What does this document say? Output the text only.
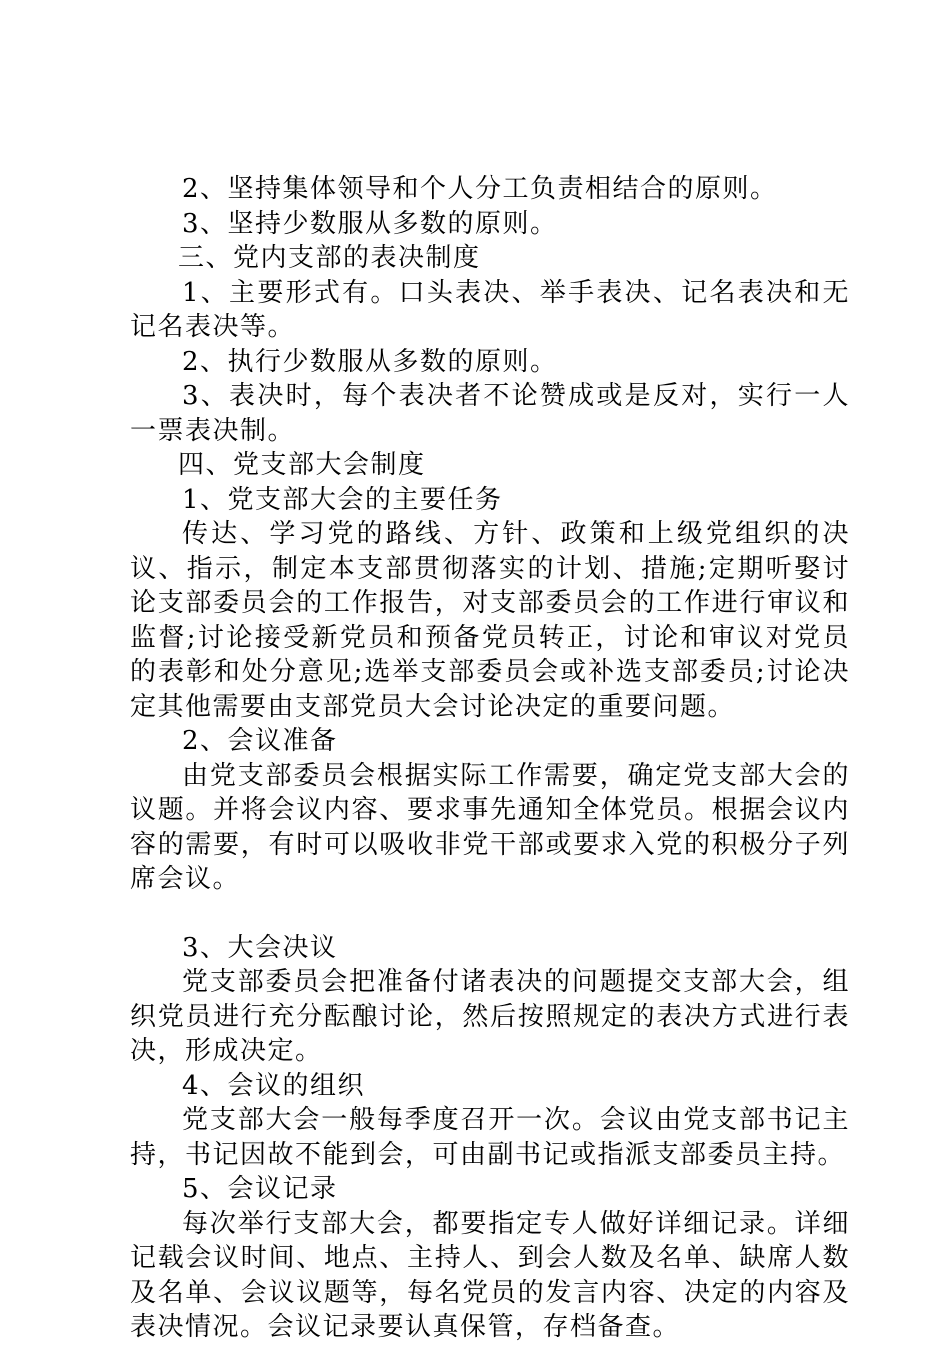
2、坚持集体领导和个人分工负责相结合的原则。

3、坚持少数服从多数的原则。

三、党内支部的表决制度

1、主要形式有。口头表决、举手表决、记名表决和无记名表决等。

2、执行少数服从多数的原则。

3、表决时，每个表决者不论赞成或是反对，实行一人一票表决制。

四、党支部大会制度

1、党支部大会的主要任务

传达、学习党的路线、方针、政策和上级党组织的决议、指示，制定本支部贯彻落实的计划、措施;定期听娶讨论支部委员会的工作报告，对支部委员会的工作进行审议和监督;讨论接受新党员和预备党员转正，讨论和审议对党员的表彰和处分意见;选举支部委员会或补选支部委员;讨论决定其他需要由支部党员大会讨论决定的重要问题。

2、会议准备

由党支部委员会根据实际工作需要，确定党支部大会的议题。并将会议内容、要求事先通知全体党员。根据会议内容的需要，有时可以吸收非党干部或要求入党的积极分子列席会议。

3、大会决议

党支部委员会把准备付诸表决的问题提交支部大会，组织党员进行充分酝酿讨论，然后按照规定的表决方式进行表决，形成决定。

4、会议的组织

党支部大会一般每季度召开一次。会议由党支部书记主持，书记因故不能到会，可由副书记或指派支部委员主持。

5、会议记录

每次举行支部大会，都要指定专人做好详细记录。详细记载会议时间、地点、主持人、到会人数及名单、缺席人数及名单、会议议题等，每名党员的发言内容、决定的内容及表决情况。会议记录要认真保管，存档备查。
